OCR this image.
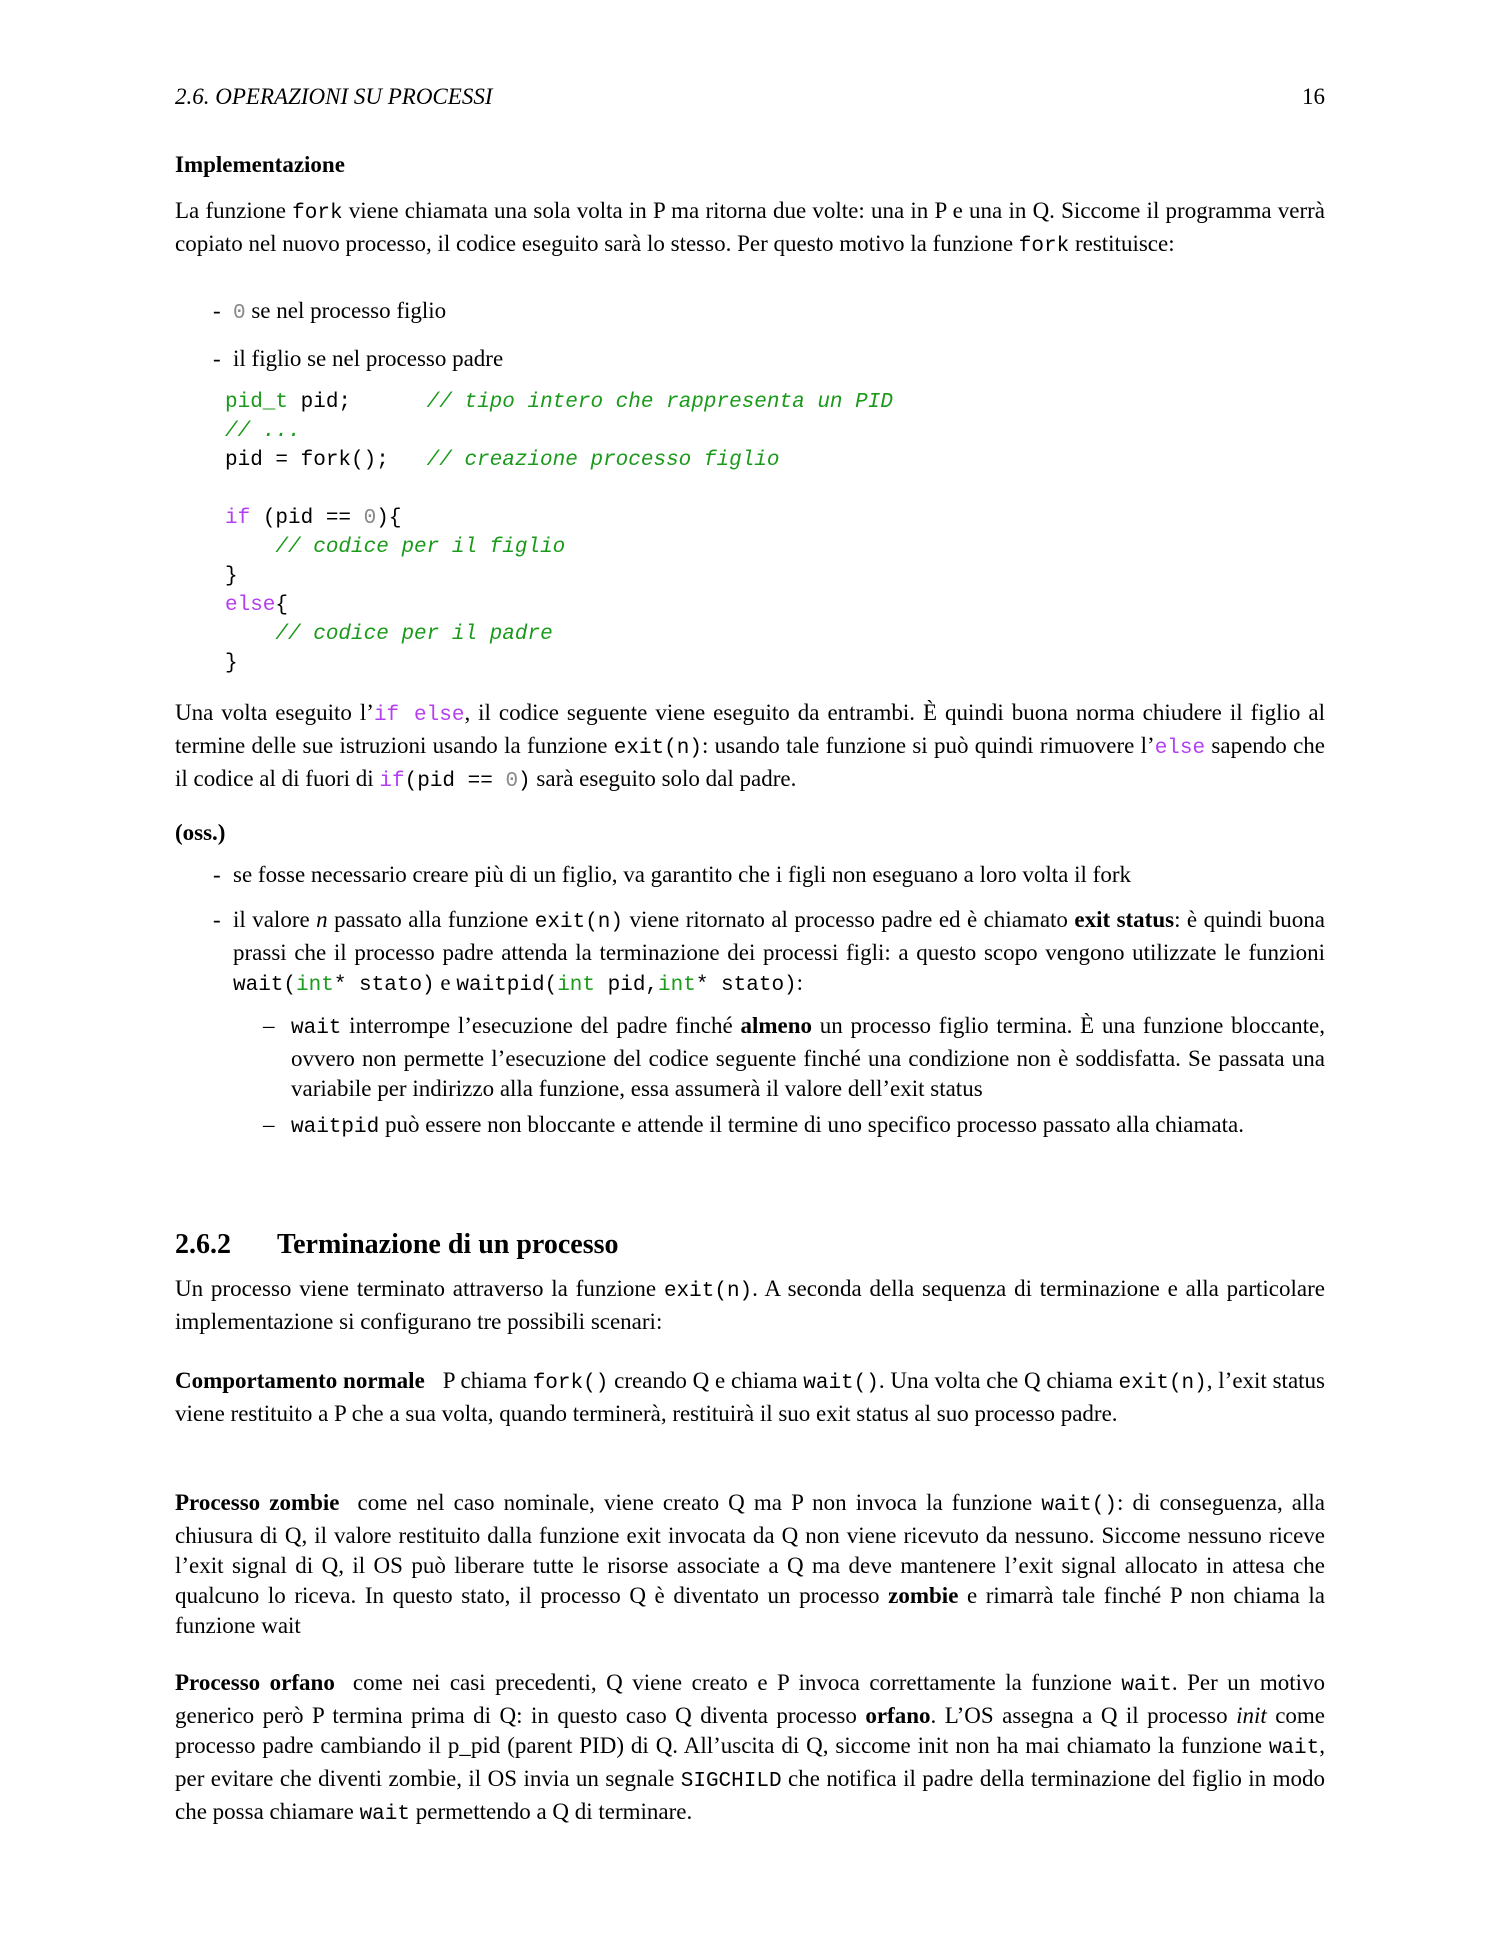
2.6. OPERAZIONI SU PROCESSI	16
Implementazione
La funzione fork viene chiamata una sola volta in P ma ritorna due volte: una in P e una in Q. Siccome il programma verrà copiato nel nuovo processo, il codice eseguito sarà lo stesso. Per questo motivo la funzione fork restituisce:
- 0 se nel processo figlio
- il figlio se nel processo padre
pid_t pid;	// tipo intero che rappresenta un PID
// ...
pid = fork(); // creazione processo figlio

if (pid == 0){
// codice per il figlio
}
else{
// codice per il padre
}
Una volta eseguito l’if else, il codice seguente viene eseguito da entrambi. È quindi buona norma chiudere il figlio al termine delle sue istruzioni usando la funzione exit(n): usando tale funzione si può quindi rimuovere l’else sapendo che il codice al di fuori di if(pid == 0) sarà eseguito solo dal padre.
(oss.)
- se fosse necessario creare più di un figlio, va garantito che i figli non eseguano a loro volta il fork
- il valore n passato alla funzione exit(n) viene ritornato al processo padre ed è chiamato exit status: è quindi buona prassi che il processo padre attenda la terminazione dei processi figli: a questo scopo vengono utilizzate le funzioni wait(int* stato) e waitpid(int pid,int* stato):
– wait interrompe l’esecuzione del padre finché almeno un processo figlio termina. È una funzione bloccante, ovvero non permette l’esecuzione del codice seguente finché una condizione non è soddisfatta. Se passata una variabile per indirizzo alla funzione, essa assumerà il valore dell’exit status
– waitpid può essere non bloccante e attende il termine di uno specifico processo passato alla chiamata.
2.6.2 Terminazione di un processo
Un processo viene terminato attraverso la funzione exit(n). A seconda della sequenza di terminazione e alla particolare implementazione si configurano tre possibili scenari:
Comportamento normale P chiama fork() creando Q e chiama wait(). Una volta che Q chiama exit(n), l’exit status viene restituito a P che a sua volta, quando terminerà, restituirà il suo exit status al suo processo padre.
Processo zombie come nel caso nominale, viene creato Q ma P non invoca la funzione wait(): di conseguenza, alla chiusura di Q, il valore restituito dalla funzione exit invocata da Q non viene ricevuto da nessuno. Siccome nessuno riceve l’exit signal di Q, il OS può liberare tutte le risorse associate a Q ma deve mantenere l’exit signal allocato in attesa che qualcuno lo riceva. In questo stato, il processo Q è diventato un processo zombie e rimarrà tale finché P non chiama la funzione wait
Processo orfano come nei casi precedenti, Q viene creato e P invoca correttamente la funzione wait. Per un motivo generico però P termina prima di Q: in questo caso Q diventa processo orfano. L’OS assegna a Q il processo init come processo padre cambiando il p_pid (parent PID) di Q. All’uscita di Q, siccome init non ha mai chiamato la funzione wait, per evitare che diventi zombie, il OS invia un segnale SIGCHILD che notifica il padre della terminazione del figlio in modo che possa chiamare wait permettendo a Q di terminare.
